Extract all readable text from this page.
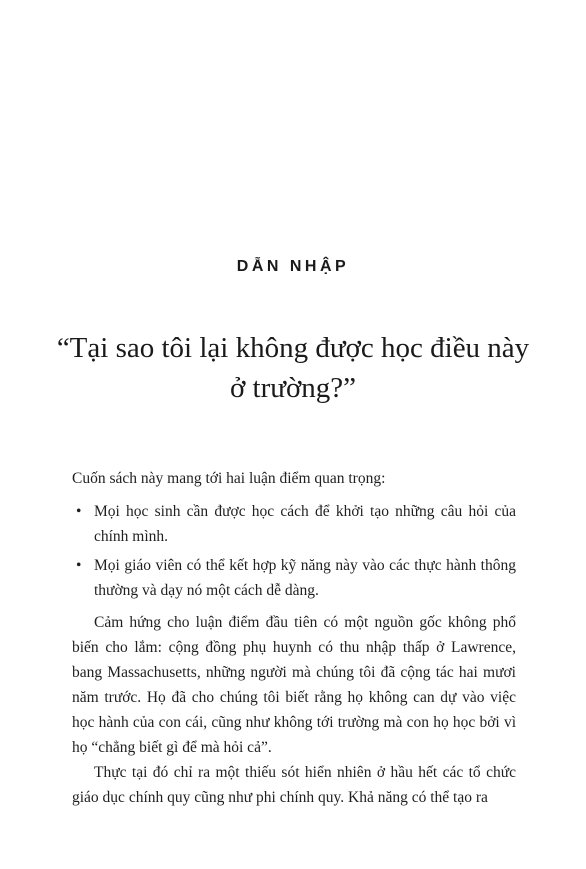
DẪN NHẬP
“Tại sao tôi lại không được học điều này
ở trường?”

Cuốn sách này mang tới hai luận điểm quan trọng:

• Mọi học sinh cần được học cách để khởi tạo những câu hỏi của chính mình.
• Mọi giáo viên có thể kết hợp kỹ năng này vào các thực hành thông thường và dạy nó một cách dễ dàng.

Cảm hứng cho luận điểm đầu tiên có một nguồn gốc không phổ biến cho lắm: cộng đồng phụ huynh có thu nhập thấp ở Lawrence, bang Massachusetts, những người mà chúng tôi đã cộng tác hai mươi năm trước. Họ đã cho chúng tôi biết rằng họ không can dự vào việc học hành của con cái, cũng như không tới trường mà con họ học bởi vì họ “chẳng biết gì để mà hỏi cả”.

Thực tại đó chỉ ra một thiếu sót hiển nhiên ở hầu hết các tổ chức giáo dục chính quy cũng như phi chính quy. Khả năng có thể tạo ra
